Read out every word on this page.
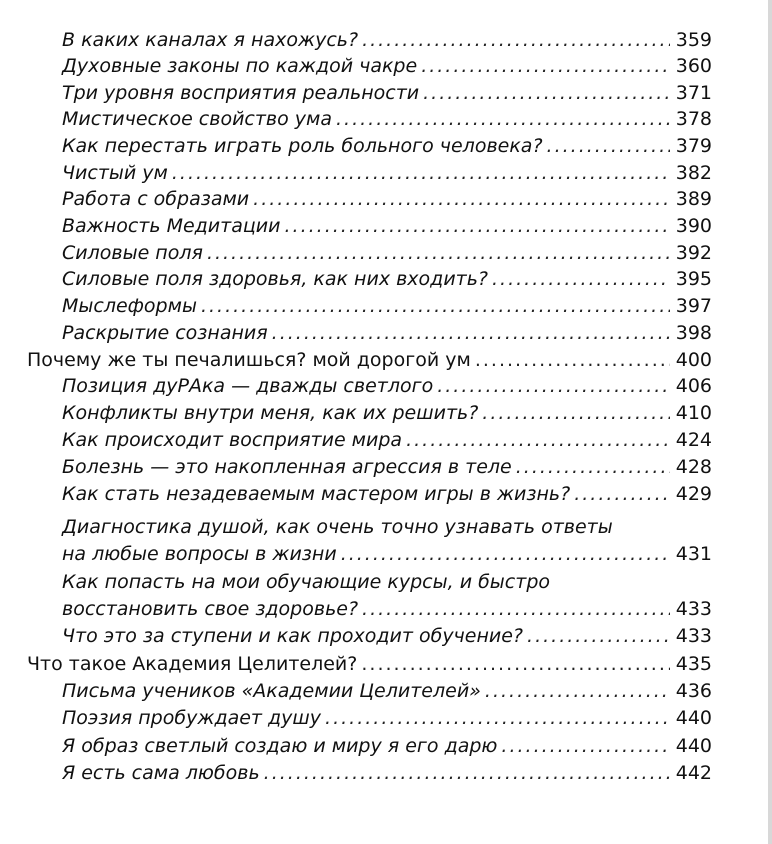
В каких каналах я нахожусь? .....	359
Духовные законы по каждой чакре .....	360
Три уровня восприятия реальности .....	371
Мистическое свойство ума .....	378
Как перестать играть роль больного человека? .....	379
Чистый ум .....	382
Работа с образами .....	389
Важность Медитации .....	390
Силовые поля .....	392
Силовые поля здоровья, как них входить? .....	395
Мыслеформы .....	397
Раскрытие сознания .....	398
Почему же ты печалишься? мой дорогой ум .....	400
Позиция дуРАка — дважды светлого .....	406
Конфликты внутри меня, как их решить? .....	410
Как происходит восприятие мира .....	424
Болезнь — это накопленная агрессия в теле .....	428
Как стать незадеваемым мастером игры в жизнь? .....	429
Диагностика душой, как очень точно узнавать ответы
на любые вопросы в жизни .....	431
Как попасть на мои обучающие курсы, и быстро
восстановить свое здоровье? .....	433
Что это за ступени и как проходит обучение? .....	433
Что такое Академия Целителей? .....	435
Письма учеников «Академии Целителей» .....	436
Поэзия пробуждает душу .....	440
Я образ светлый создаю и миру я его дарю .....	440
Я есть сама любовь .....	442
